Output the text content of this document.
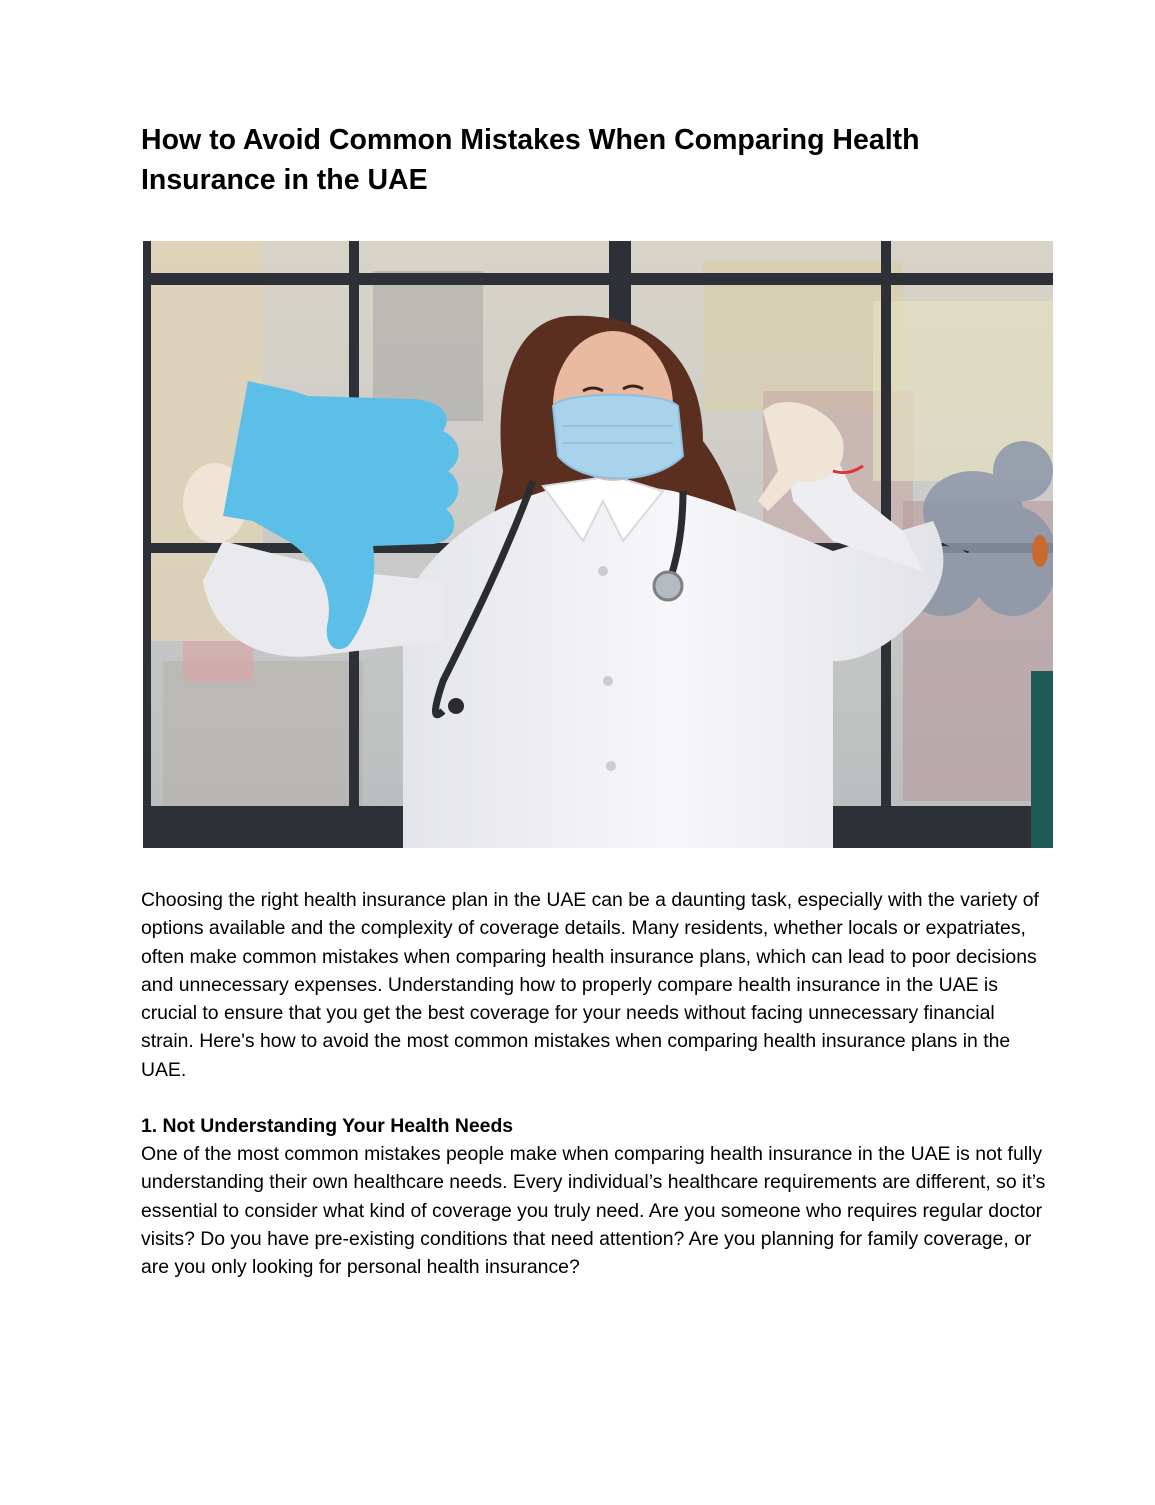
How to Avoid Common Mistakes When Comparing Health Insurance in the UAE

Choosing the right health insurance plan in the UAE can be a daunting task, especially with the variety of options available and the complexity of coverage details. Many residents, whether locals or expatriates, often make common mistakes when comparing health insurance plans, which can lead to poor decisions and unnecessary expenses. Understanding how to properly compare health insurance in the UAE is crucial to ensure that you get the best coverage for your needs without facing unnecessary financial strain. Here's how to avoid the most common mistakes when comparing health insurance plans in the UAE.

1. Not Understanding Your Health Needs

One of the most common mistakes people make when comparing health insurance in the UAE is not fully understanding their own healthcare needs. Every individual’s healthcare requirements are different, so it’s essential to consider what kind of coverage you truly need. Are you someone who requires regular doctor visits? Do you have pre-existing conditions that need attention? Are you planning for family coverage, or are you only looking for personal health insurance?
